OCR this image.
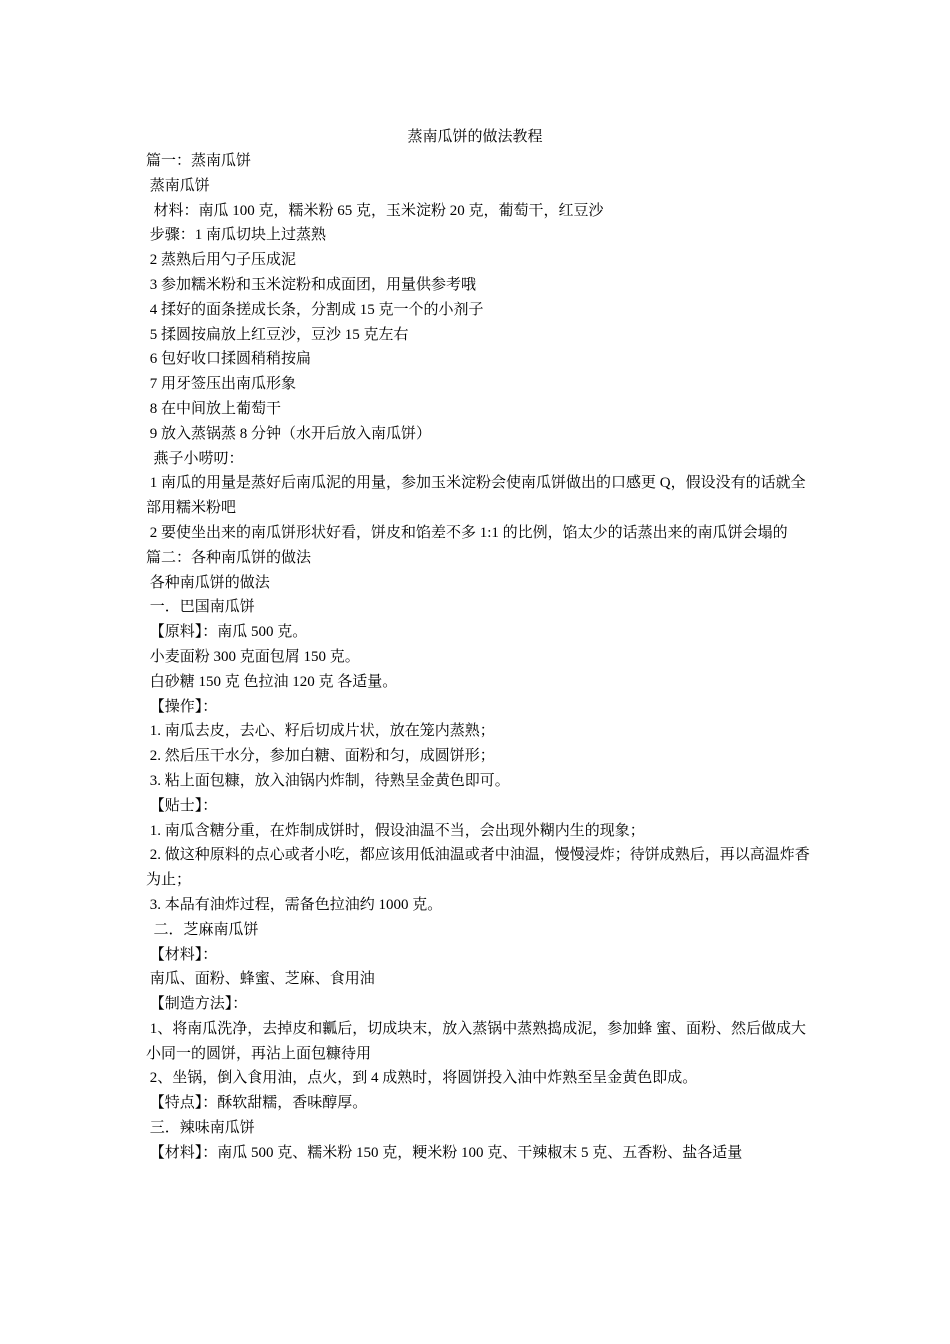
蒸南瓜饼的做法教程

篇一：蒸南瓜饼

蒸南瓜饼

材料：南瓜 100 克，糯米粉 65 克，玉米淀粉 20 克，葡萄干，红豆沙

步骤：1 南瓜切块上过蒸熟

2 蒸熟后用勺子压成泥

3 参加糯米粉和玉米淀粉和成面团，用量供参考哦

4 揉好的面条搓成长条，分割成 15 克一个的小剂子

5 揉圆按扁放上红豆沙，豆沙 15 克左右

6 包好收口揉圆稍稍按扁

7 用牙签压出南瓜形象

8 在中间放上葡萄干

9 放入蒸锅蒸 8 分钟（水开后放入南瓜饼）

燕子小唠叨：

1 南瓜的用量是蒸好后南瓜泥的用量，参加玉米淀粉会使南瓜饼做出的口感更 Q，假设没有的话就全部用糯米粉吧

2 要使坐出来的南瓜饼形状好看，饼皮和馅差不多 1:1 的比例，馅太少的话蒸出来的南瓜饼会塌的

篇二：各种南瓜饼的做法

各种南瓜饼的做法

一．巴国南瓜饼

【原料】：南瓜 500 克。

小麦面粉 300 克面包屑 150 克。

白砂糖 150 克 色拉油 120 克 各适量。

【操作】：

1. 南瓜去皮，去心、籽后切成片状，放在笼内蒸熟；

2. 然后压干水分，参加白糖、面粉和匀，成圆饼形；

3. 粘上面包糠，放入油锅内炸制，待熟呈金黄色即可。

【贴士】：

1. 南瓜含糖分重，在炸制成饼时，假设油温不当，会出现外糊内生的现象；

2. 做这种原料的点心或者小吃，都应该用低油温或者中油温，慢慢浸炸；待饼成熟后，再以高温炸香为止；

3. 本品有油炸过程，需备色拉油约 1000 克。

二．芝麻南瓜饼

【材料】：

南瓜、面粉、蜂蜜、芝麻、食用油

【制造方法】：

1、将南瓜洗净，去掉皮和瓤后，切成块末，放入蒸锅中蒸熟捣成泥，参加蜂 蜜、面粉、然后做成大小同一的圆饼，再沾上面包糠待用

2、坐锅，倒入食用油，点火，到 4 成熟时，将圆饼投入油中炸熟至呈金黄色即成。

【特点】：酥软甜糯，香味醇厚。

三．辣味南瓜饼

【材料】：南瓜 500 克、糯米粉 150 克，粳米粉 100 克、干辣椒末 5 克、五香粉、盐各适量
